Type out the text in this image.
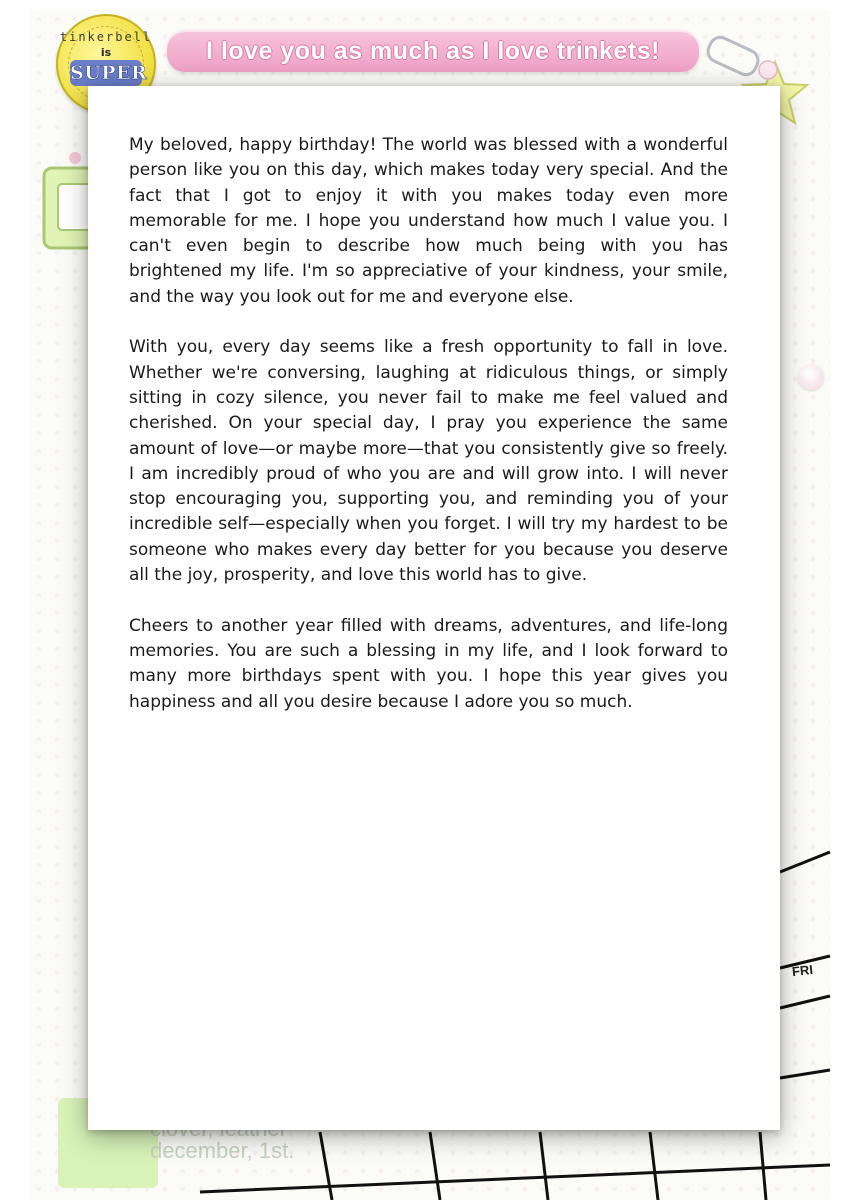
tinkerbell
is
SUPER
I love you as much as I love trinkets!
FRI
december, 1st.

My beloved, happy birthday! The world was blessed with a wonderful person like you on this day, which makes today very special. And the fact that I got to enjoy it with you makes today even more memorable for me. I hope you understand how much I value you. I can't even begin to describe how much being with you has brightened my life. I'm so appreciative of your kindness, your smile, and the way you look out for me and everyone else.

With you, every day seems like a fresh opportunity to fall in love. Whether we're conversing, laughing at ridiculous things, or simply sitting in cozy silence, you never fail to make me feel valued and cherished. On your special day, I pray you experience the same amount of love—or maybe more—that you consistently give so freely. I am incredibly proud of who you are and will grow into. I will never stop encouraging you, supporting you, and reminding you of your incredible self—especially when you forget. I will try my hardest to be someone who makes every day better for you because you deserve all the joy, prosperity, and love this world has to give.

Cheers to another year filled with dreams, adventures, and life-long memories. You are such a blessing in my life, and I look forward to many more birthdays spent with you. I hope this year gives you happiness and all you desire because I adore you so much.
